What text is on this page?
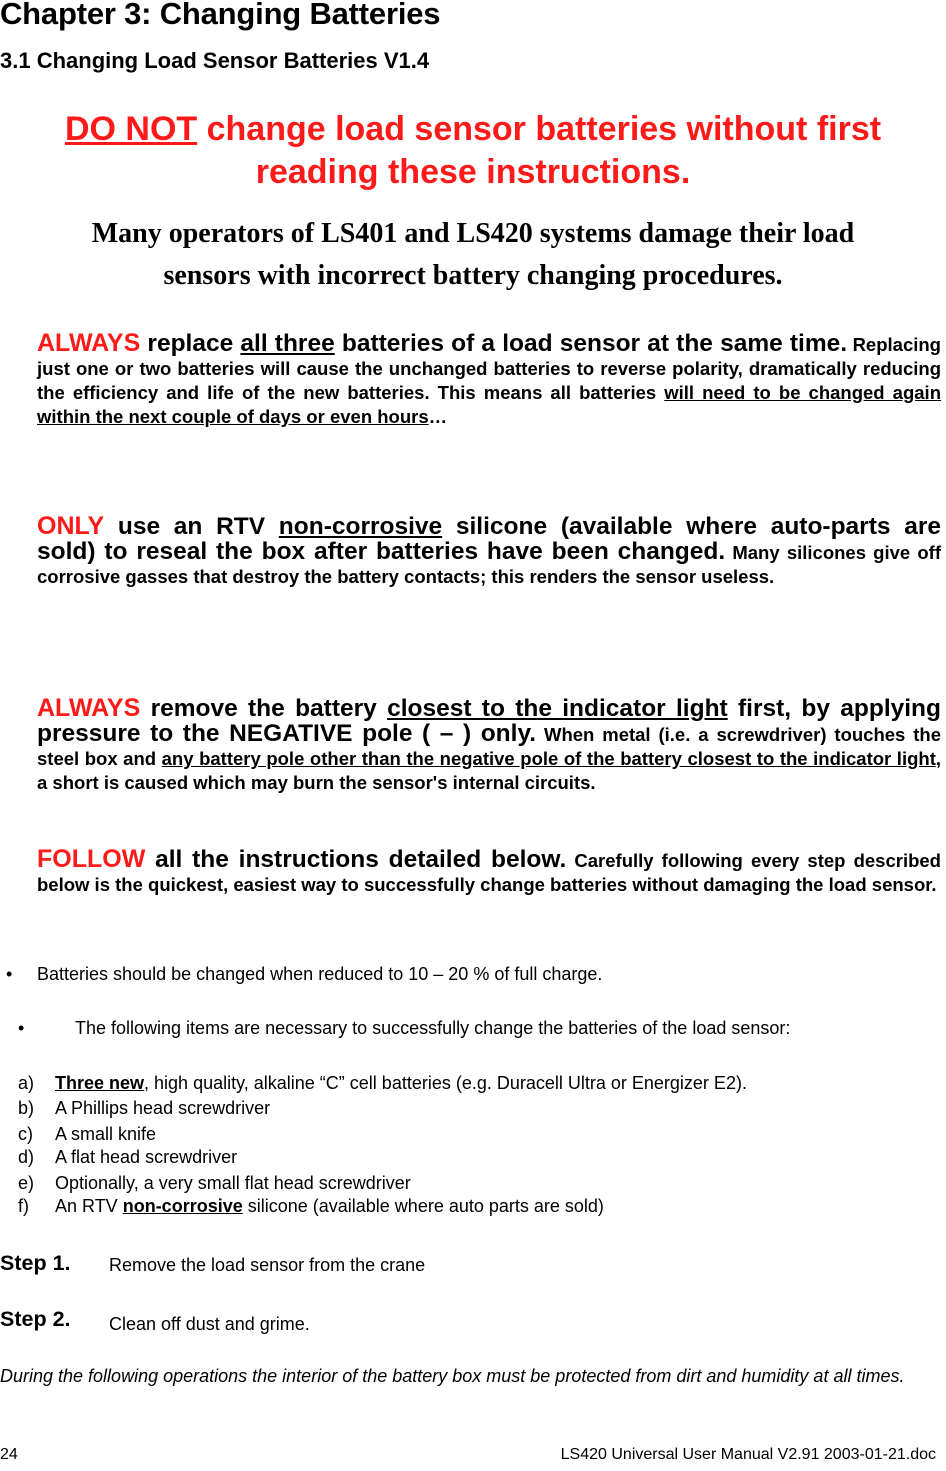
Chapter 3: Changing Batteries
3.1 Changing Load Sensor Batteries V1.4
DO NOT change load sensor batteries without first
reading these instructions.
Many operators of LS401 and LS420 systems damage their load
sensors with incorrect battery changing procedures.
ALWAYS replace all three batteries of a load sensor at the same time. Replacing just one or two batteries will cause the unchanged batteries to reverse polarity, dramatically reducing the efficiency and life of the new batteries. This means all batteries will need to be changed again within the next couple of days or even hours…
ONLY use an RTV non-corrosive silicone (available where auto-parts are sold) to reseal the box after batteries have been changed. Many silicones give off corrosive gasses that destroy the battery contacts; this renders the sensor useless.
ALWAYS remove the battery closest to the indicator light first, by applying pressure to the NEGATIVE pole ( – ) only. When metal (i.e. a screwdriver) touches the steel box and any battery pole other than the negative pole of the battery closest to the indicator light, a short is caused which may burn the sensor's internal circuits.
FOLLOW all the instructions detailed below. Carefully following every step described below is the quickest, easiest way to successfully change batteries without damaging the load sensor.
• Batteries should be changed when reduced to 10 – 20 % of full charge.
•	The following items are necessary to successfully change the batteries of the load sensor:
a) Three new, high quality, alkaline “C” cell batteries (e.g. Duracell Ultra or Energizer E2).
b) A Phillips head screwdriver
c) A small knife
d) A flat head screwdriver
e) Optionally, a very small flat head screwdriver
f) An RTV non-corrosive silicone (available where auto parts are sold)
Step 1. Remove the load sensor from the crane
Step 2. Clean off dust and grime.
During the following operations the interior of the battery box must be protected from dirt and humidity at all times.
24	LS420 Universal User Manual V2.91 2003-01-21.doc
